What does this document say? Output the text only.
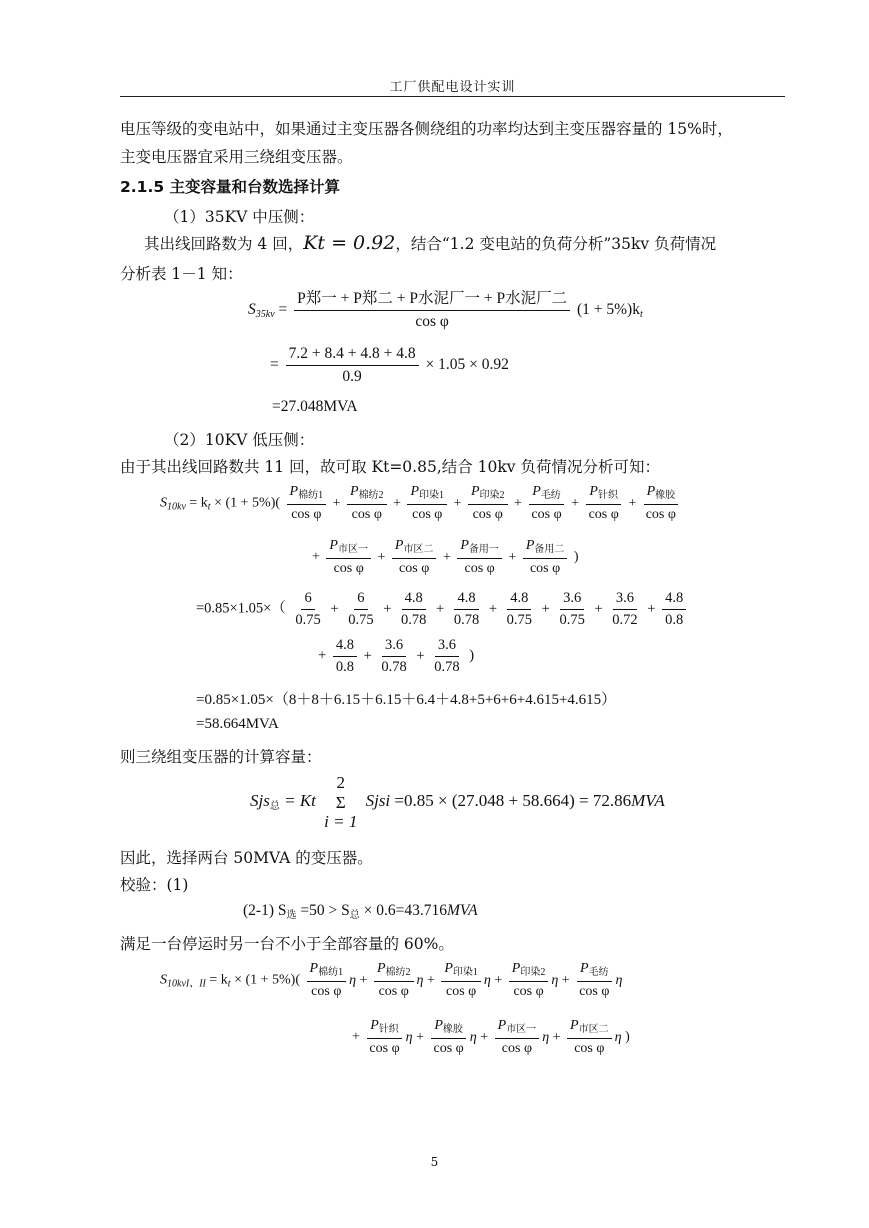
工厂供配电设计实训
电压等级的变电站中，如果通过主变压器各侧绕组的功率均达到主变压器容量的 15%时，
主变电压器宜采用三绕组变压器。
2.1.5 主变容量和台数选择计算
（1）35KV 中压侧：
其出线回路数为 4 回，Kt = 0.92，结合“1.2 变电站的负荷分析”35kv 负荷情况
分析表 1－1 知：
$S_{35kv} = \frac{\text{P郑一 + P郑二 + P水泥厂一 + P水泥厂二}}{\text{cos φ}} (1 + 5\%)k_t$
= $\frac{7.2 + 8.4 + 4.8 + 4.8}{0.9} \times 1.05 \times 0.92$
=27.048MVA
（2）10KV 低压侧：
由于其出线回路数共 11 回，故可取 Kt=0.85,结合 10kv 负荷情况分析可知：
$S_{10kv} = k_t \times (1 + 5\%)( \frac{P_{棉纺1}}{\text{cos φ}} + \frac{P_{棉纺2}}{\text{cos φ}} + \frac{P_{印染1}}{\text{cos φ}} + \frac{P_{印染2}}{\text{cos φ}} + \frac{P_{毛纺}}{\text{cos φ}} + \frac{P_{针织}}{\text{cos φ}} + \frac{P_{橡胶}}{\text{cos φ}}$
+ $\frac{P_{市区一}}{\text{cos φ}} + \frac{P_{市区二}}{\text{cos φ}} + \frac{P_{备用一}}{\text{cos φ}} + \frac{P_{备用二}}{\text{cos φ}}$ )
$=0.85\times 1.05\times( \frac{6}{0.75} + \frac{6}{0.75} + \frac{4.8}{0.78} + \frac{4.8}{0.78} + \frac{4.8}{0.75} + \frac{3.6}{0.75} + \frac{3.6}{0.72} + \frac{4.8}{0.8}$
+ $\frac{4.8}{0.8} + \frac{3.6}{0.78} + \frac{3.6}{0.78}$ )
=0.85×1.05×（8＋8＋6.15＋6.15＋6.4＋4.8+5+6+6+4.615+4.615）
=58.664MVA
则三绕组变压器的计算容量：
Sjs$_总$ = Kt
2
Σ
i = 1
Sjsi =0.85 × (27.048 + 58.664) = 72.86MVA
因此，选择两台 50MVA 的变压器。
校验：(1)
(2-1) $S_选 =50 > S_总 \times 0.6=43.716MVA$
满足一台停运时另一台不小于全部容量的 60%。
$S_{10kvI、II} = k_t \times (1 + 5\%)( \frac{P_{棉纺1}}{\text{cos φ}}$ $\eta + \frac{P_{棉纺2}}{\text{cos φ}}$ $\eta + \frac{P_{印染1}}{\text{cos φ}}$ $\eta + \frac{P_{印染2}}{\text{cos φ}}$ $\eta + \frac{P_{毛纺}}{\text{cos φ}}$ η
+ $\frac{P_{针织}}{\text{cos φ}}$ $\eta + \frac{P_{橡胶}}{\text{cos φ}}$ $\eta + \frac{P_{市区一}}{\text{cos φ}}$ $\eta + \frac{P_{市区二}}{\text{cos φ}}$ η )
5
